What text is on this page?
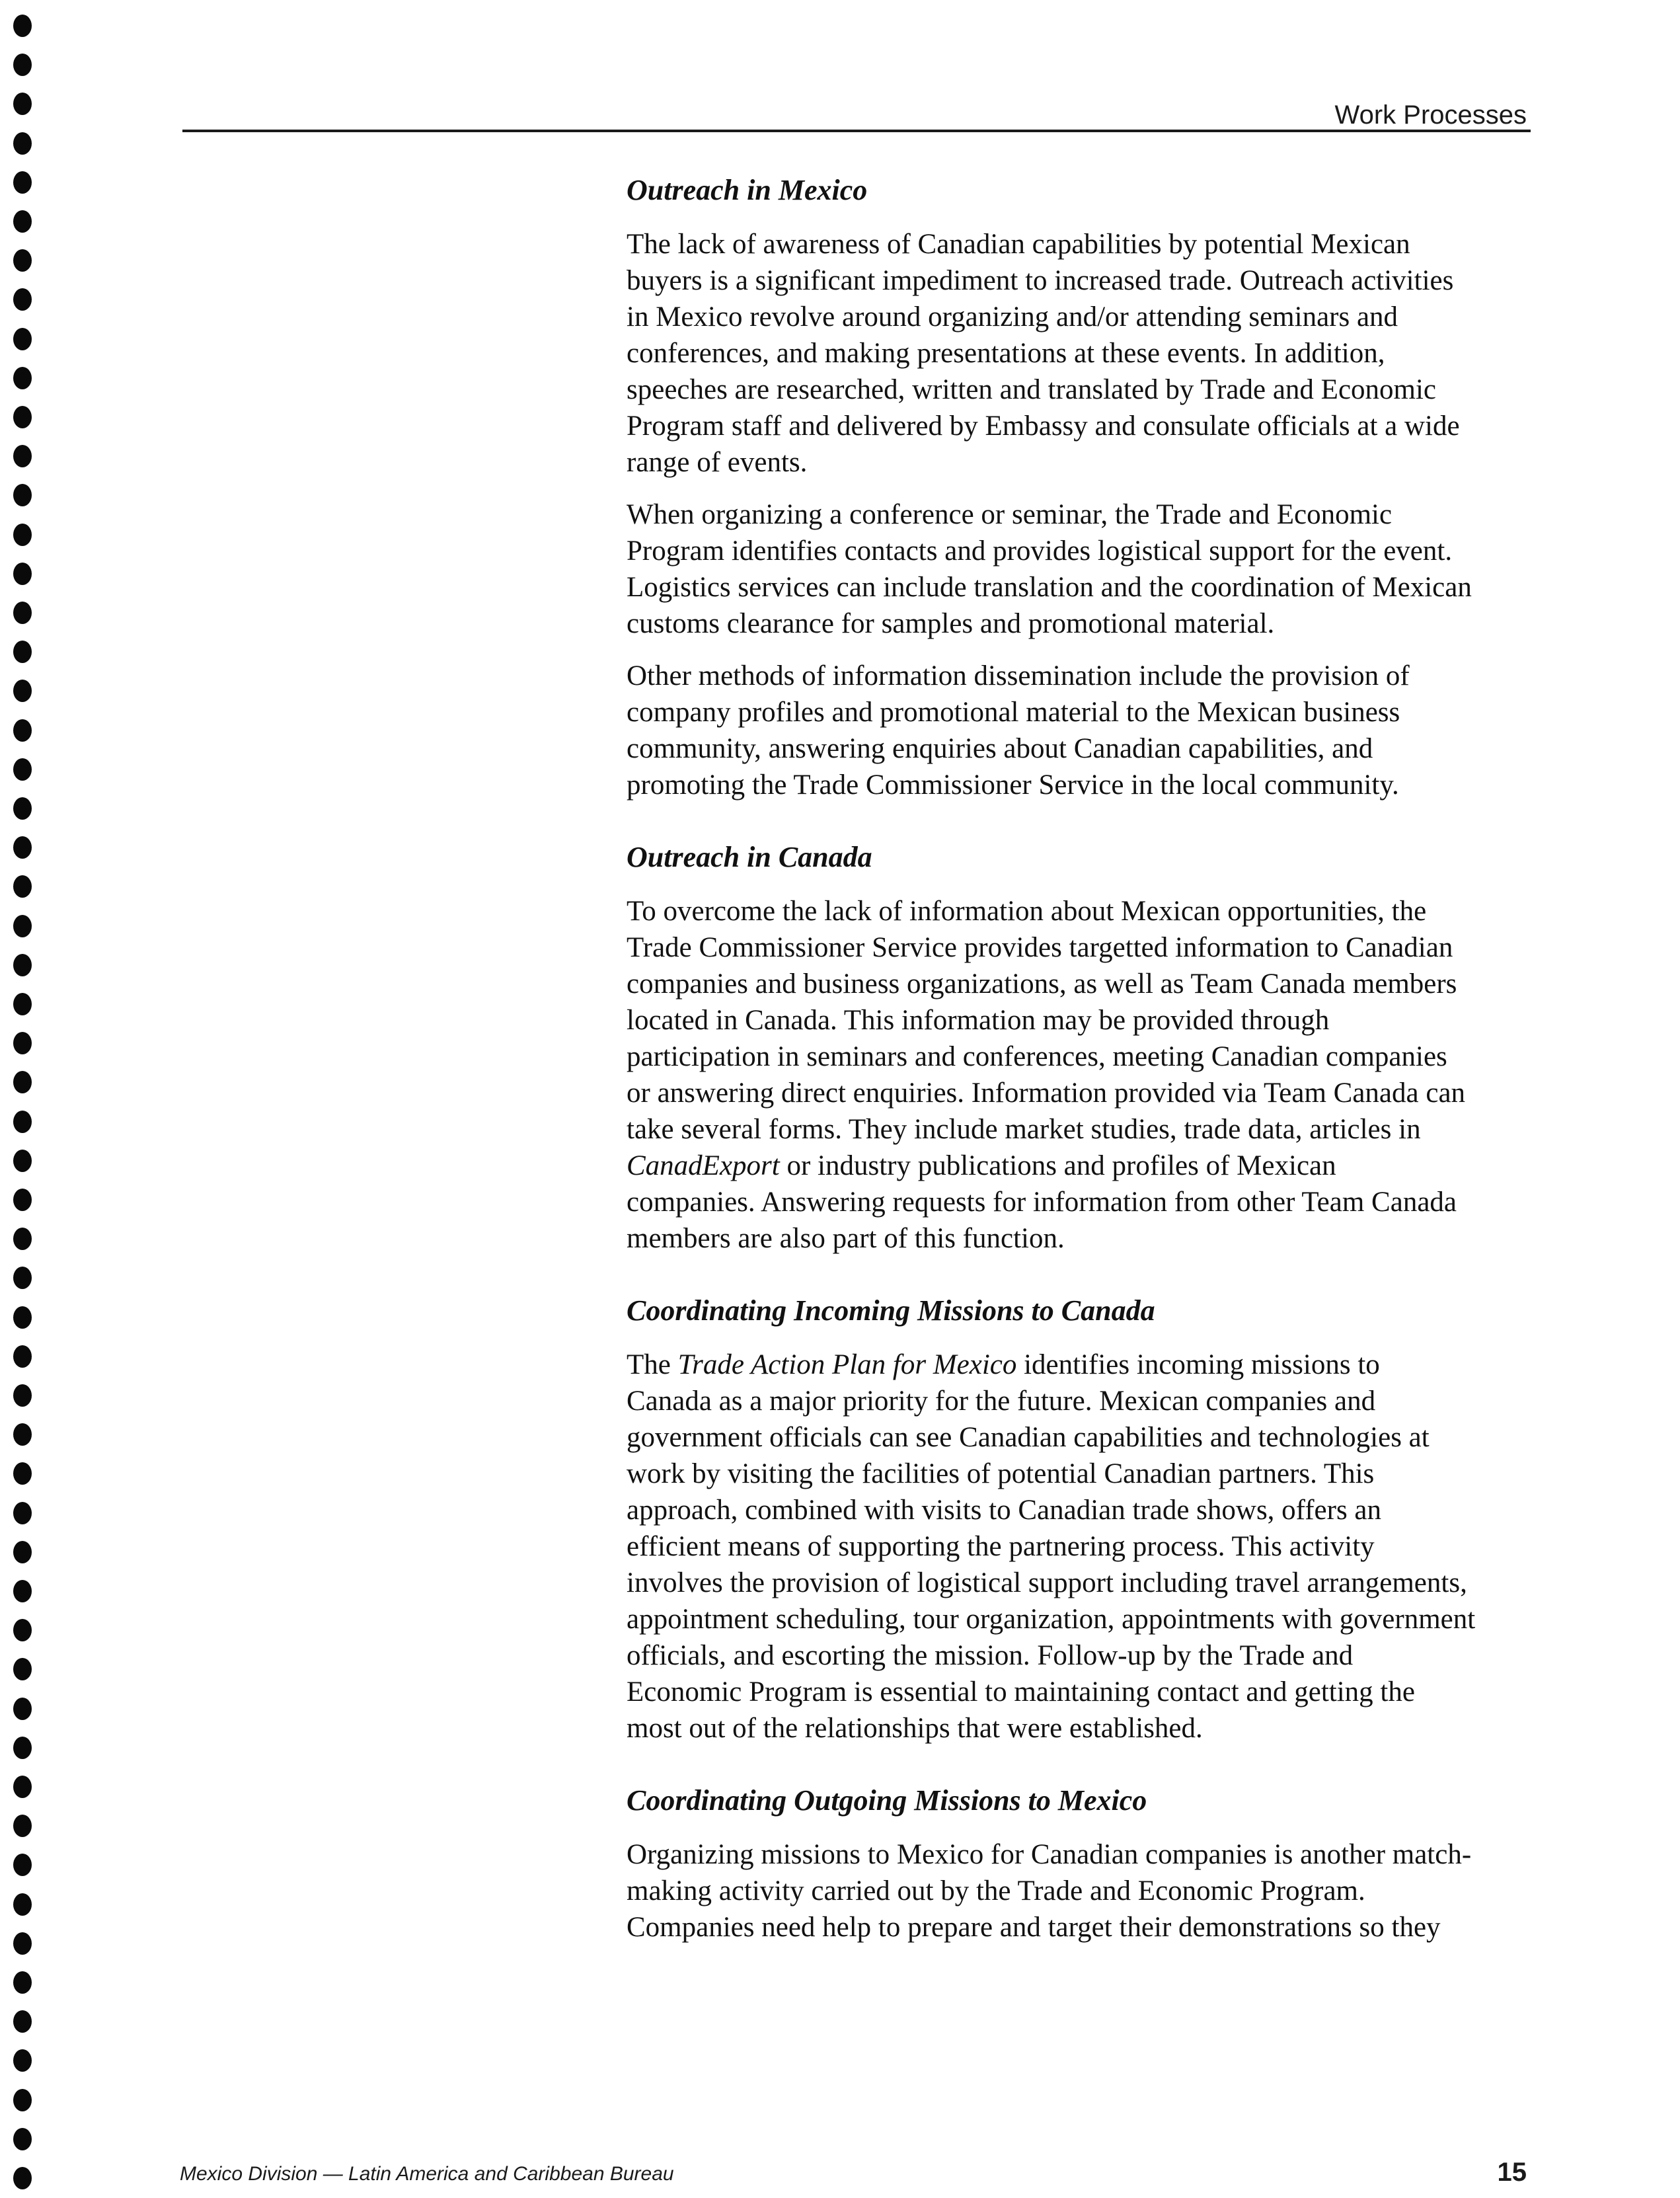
Work Processes
Outreach in Mexico

The lack of awareness of Canadian capabilities by potential Mexican
buyers is a significant impediment to increased trade. Outreach activities
in Mexico revolve around organizing and/or attending seminars and
conferences, and making presentations at these events. In addition,
speeches are researched, written and translated by Trade and Economic
Program staff and delivered by Embassy and consulate officials at a wide
range of events.

When organizing a conference or seminar, the Trade and Economic
Program identifies contacts and provides logistical support for the event.
Logistics services can include translation and the coordination of Mexican
customs clearance for samples and promotional material.

Other methods of information dissemination include the provision of
company profiles and promotional material to the Mexican business
community, answering enquiries about Canadian capabilities, and
promoting the Trade Commissioner Service in the local community.

Outreach in Canada

To overcome the lack of information about Mexican opportunities, the
Trade Commissioner Service provides targetted information to Canadian
companies and business organizations, as well as Team Canada members
located in Canada. This information may be provided through
participation in seminars and conferences, meeting Canadian companies
or answering direct enquiries. Information provided via Team Canada can
take several forms. They include market studies, trade data, articles in
CanadExport or industry publications and profiles of Mexican
companies. Answering requests for information from other Team Canada
members are also part of this function.

Coordinating Incoming Missions to Canada

The Trade Action Plan for Mexico identifies incoming missions to
Canada as a major priority for the future. Mexican companies and
government officials can see Canadian capabilities and technologies at
work by visiting the facilities of potential Canadian partners. This
approach, combined with visits to Canadian trade shows, offers an
efficient means of supporting the partnering process. This activity
involves the provision of logistical support including travel arrangements,
appointment scheduling, tour organization, appointments with government
officials, and escorting the mission. Follow-up by the Trade and
Economic Program is essential to maintaining contact and getting the
most out of the relationships that were established.

Coordinating Outgoing Missions to Mexico

Organizing missions to Mexico for Canadian companies is another match-
making activity carried out by the Trade and Economic Program.
Companies need help to prepare and target their demonstrations so they

Mexico Division — Latin America and Caribbean Bureau	15
